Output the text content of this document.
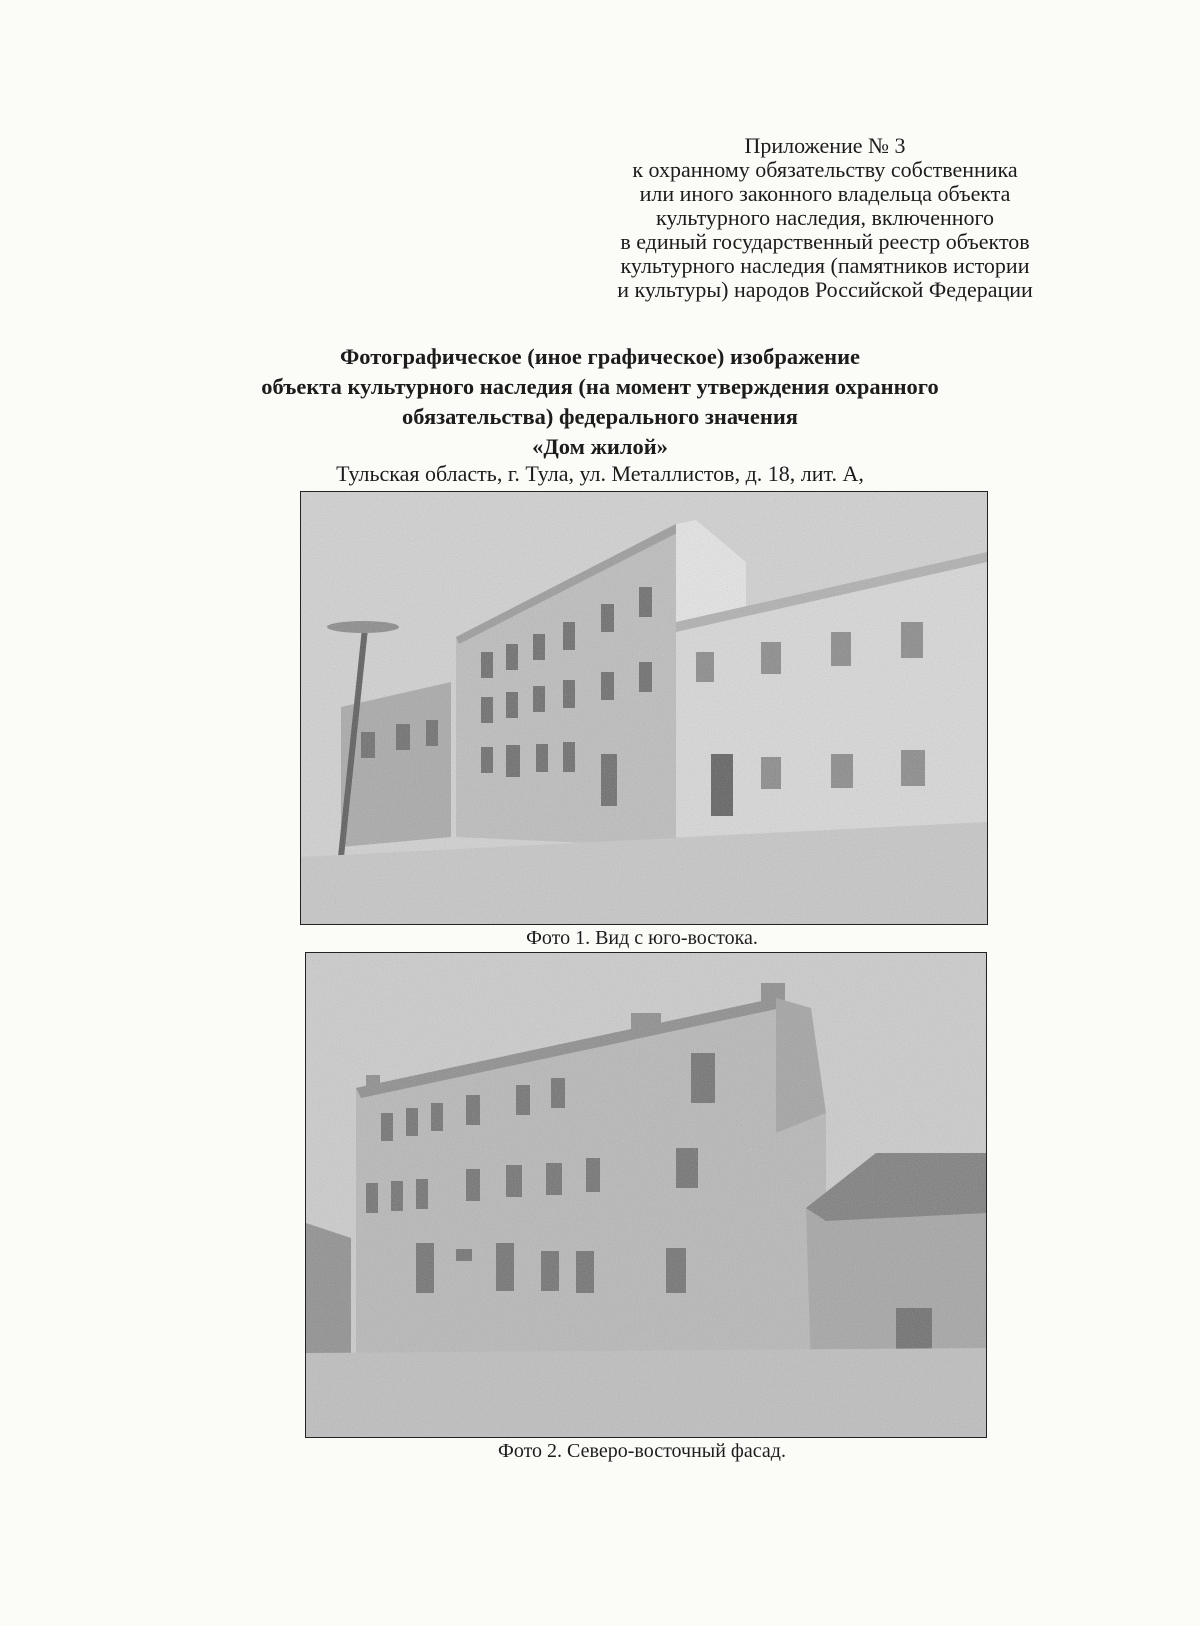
Приложение № 3
к охранному обязательству собственника
или иного законного владельца объекта
культурного наследия, включенного
в единый государственный реестр объектов
культурного наследия (памятников истории
и культуры) народов Российской Федерации
Фотографическое (иное графическое) изображение
объекта культурного наследия (на момент утверждения охранного
обязательства) федерального значения
«Дом жилой»
Тульская область, г. Тула, ул. Металлистов, д. 18, лит. А,
Фото 1. Вид с юго-востока.
Фото 2. Северо-восточный фасад.
